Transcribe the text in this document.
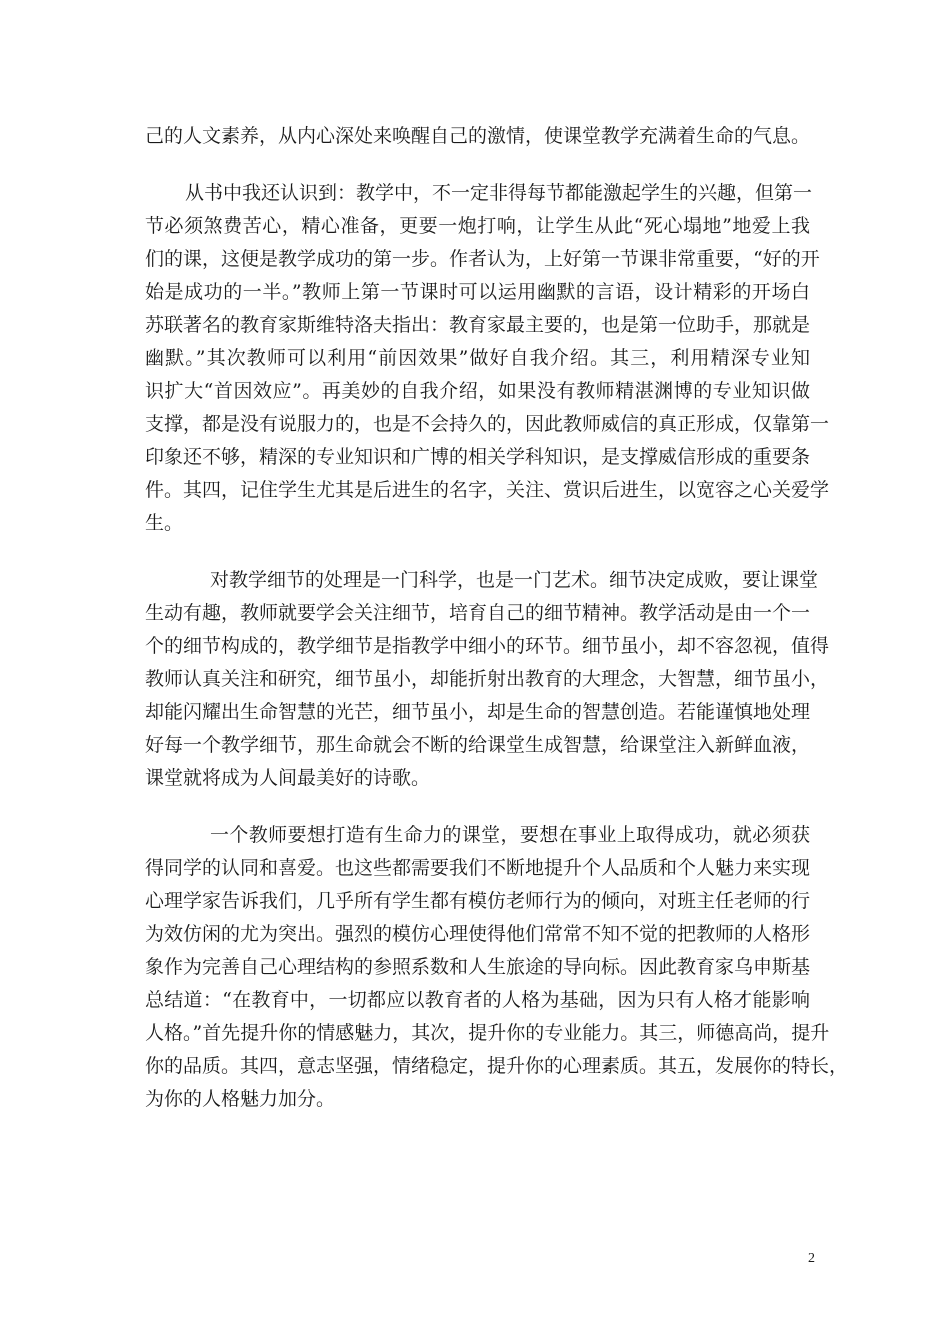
己的人文素养，从内心深处来唤醒自己的激情，使课堂教学充满着生命的气息。
从书中我还认识到：教学中，不一定非得每节都能激起学生的兴趣，但第一
节必须煞费苦心，精心准备，更要一炮打响，让学生从此“死心塌地”地爱上我
们的课，这便是教学成功的第一步。作者认为，上好第一节课非常重要，“好的开
始是成功的一半。”教师上第一节课时可以运用幽默的言语，设计精彩的开场白
苏联著名的教育家斯维特洛夫指出：教育家最主要的，也是第一位助手，那就是
幽默。”其次教师可以利用“前因效果”做好自我介绍。其三，利用精深专业知
识扩大“首因效应”。再美妙的自我介绍，如果没有教师精湛渊博的专业知识做
支撑，都是没有说服力的，也是不会持久的，因此教师威信的真正形成，仅靠第一
印象还不够，精深的专业知识和广博的相关学科知识，是支撑威信形成的重要条
件。其四，记住学生尤其是后进生的名字，关注、赏识后进生，以宽容之心关爱学
生。
对教学细节的处理是一门科学，也是一门艺术。细节决定成败，要让课堂
生动有趣，教师就要学会关注细节，培育自己的细节精神。教学活动是由一个一
个的细节构成的，教学细节是指教学中细小的环节。细节虽小，却不容忽视，值得
教师认真关注和研究，细节虽小，却能折射出教育的大理念，大智慧，细节虽小，
却能闪耀出生命智慧的光芒，细节虽小，却是生命的智慧创造。若能谨慎地处理
好每一个教学细节，那生命就会不断的给课堂生成智慧，给课堂注入新鲜血液，
课堂就将成为人间最美好的诗歌。
一个教师要想打造有生命力的课堂，要想在事业上取得成功，就必须获
得同学的认同和喜爱。也这些都需要我们不断地提升个人品质和个人魅力来实现
心理学家告诉我们，几乎所有学生都有模仿老师行为的倾向，对班主任老师的行
为效仿闲的尤为突出。强烈的模仿心理使得他们常常不知不觉的把教师的人格形
象作为完善自己心理结构的参照系数和人生旅途的导向标。因此教育家乌申斯基
总结道：“在教育中，一切都应以教育者的人格为基础，因为只有人格才能影响
人格。”首先提升你的情感魅力，其次，提升你的专业能力。其三，师德高尚，提升
你的品质。其四，意志坚强，情绪稳定，提升你的心理素质。其五，发展你的特长，
为你的人格魅力加分。
2
